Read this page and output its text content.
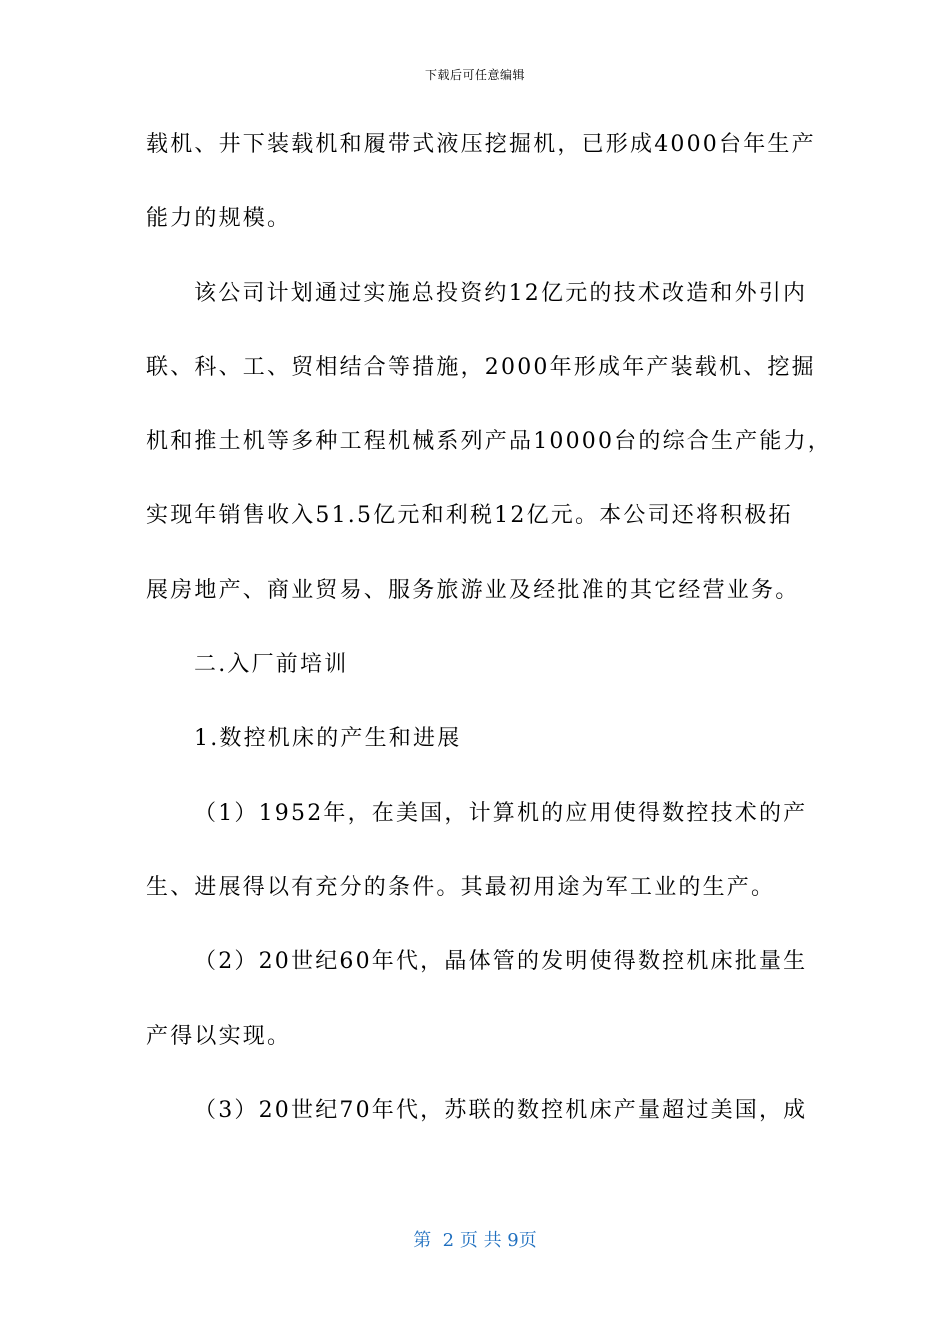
下载后可任意编辑
载机、井下装载机和履带式液压挖掘机，已形成4000台年生产
能力的规模。
该公司计划通过实施总投资约12亿元的技术改造和外引内
联、科、工、贸相结合等措施，2000年形成年产装载机、挖掘
机和推土机等多种工程机械系列产品10000台的综合生产能力，
实现年销售收入51.5亿元和利税12亿元。本公司还将积极拓
展房地产、商业贸易、服务旅游业及经批准的其它经营业务。
二.入厂前培训
1.数控机床的产生和进展
（1）1952年，在美国，计算机的应用使得数控技术的产
生、进展得以有充分的条件。其最初用途为军工业的生产。
（2）20世纪60年代，晶体管的发明使得数控机床批量生
产得以实现。
（3）20世纪70年代，苏联的数控机床产量超过美国，成
第  2 页 共 9页
